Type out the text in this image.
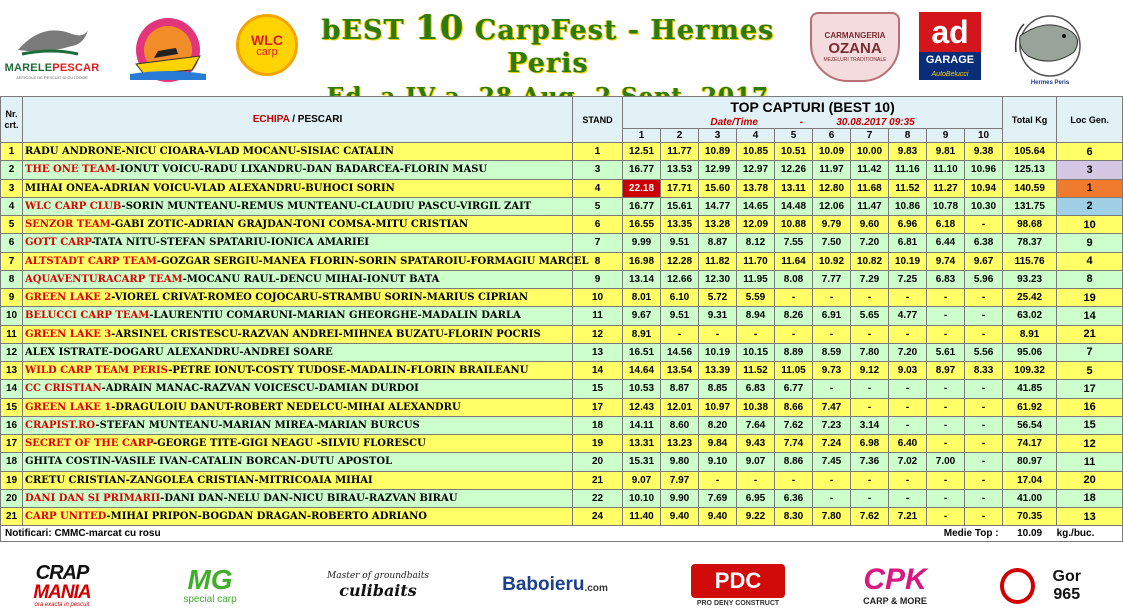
MARELEPESCAR
ARTICOLE DE PESCUIT SI OUTDOOR
WLC
carp
bEST 10 CarpFest - Hermes Peris
CARMANGERIA
OZANA
MEZELURI TRADITIONALE
ad
GARAGE
AutoBelucci
Hermes Peris
Nr. crt.	ECHIPA / PESCARI	STAND	TOP CAPTURI (BEST 10)										Total Kg	Loc Gen.
			Date/Time - 30.08.2017 09:35											
			1	2	3	4	5	6	7	8	9	10		
1	RADU ANDRONE-NICU CIOARA-VLAD MOCANU-SISIAC CATALIN	1	12.51	11.77	10.89	10.85	10.51	10.09	10.00	9.83	9.81	9.38	105.64	6
2	THE ONE TEAM-IONUT VOICU-RADU LIXANDRU-DAN BADARCEA-FLORIN MASU	3	16.77	13.53	12.99	12.97	12.26	11.97	11.42	11.16	11.10	10.96	125.13	3
3	MIHAI ONEA-ADRIAN VOICU-VLAD ALEXANDRU-BUHOCI SORIN	4	22.18	17.71	15.60	13.78	13.11	12.80	11.68	11.52	11.27	10.94	140.59	1
4	WLC CARP CLUB-SORIN MUNTEANU-REMUS MUNTEANU-CLAUDIU PASCU-VIRGIL ZAIT	5	16.77	15.61	14.77	14.65	14.48	12.06	11.47	10.86	10.78	10.30	131.75	2
5	SENZOR TEAM-GABI ZOTIC-ADRIAN GRAJDAN-TONI COMSA-MITU CRISTIAN	6	16.55	13.35	13.28	12.09	10.88	9.79	9.60	6.96	6.18	-	98.68	10
6	GOTT CARP-TATA NITU-STEFAN SPATARIU-IONICA AMARIEI	7	9.99	9.51	8.87	8.12	7.55	7.50	7.20	6.81	6.44	6.38	78.37	9
7	ALTSTADT CARP TEAM-GOZGAR SERGIU-MANEA FLORIN-SORIN SPATAROIU-FORMAGIU MARCEL	8	16.98	12.28	11.82	11.70	11.64	10.92	10.82	10.19	9.74	9.67	115.76	4
8	AQUAVENTURACARP TEAM-MOCANU RAUL-DENCU MIHAI-IONUT BATA	9	13.14	12.66	12.30	11.95	8.08	7.77	7.29	7.25	6.83	5.96	93.23	8
9	GREEN LAKE 2-VIOREL CRIVAT-ROMEO COJOCARU-STRAMBU SORIN-MARIUS CIPRIAN	10	8.01	6.10	5.72	5.59	-	-	-	-	-	-	25.42	19
10	BELUCCI CARP TEAM-LAURENTIU COMARUNI-MARIAN GHEORGHE-MADALIN DARLA	11	9.67	9.51	9.31	8.94	8.26	6.91	5.65	4.77	-	-	63.02	14
11	GREEN LAKE 3-ARSINEL CRISTESCU-RAZVAN ANDREI-MIHNEA BUZATU-FLORIN POCRIS	12	8.91	-	-	-	-	-	-	-	-	-	8.91	21
12	ALEX ISTRATE-DOGARU ALEXANDRU-ANDREI SOARE	13	16.51	14.56	10.19	10.15	8.89	8.59	7.80	7.20	5.61	5.56	95.06	7
13	WILD CARP TEAM PERIS-PETRE IONUT-COSTY TUDOSE-MADALIN-FLORIN BRAILEANU	14	14.64	13.54	13.39	11.52	11.05	9.73	9.12	9.03	8.97	8.33	109.32	5
14	CC CRISTIAN-ADRAIN MANAC-RAZVAN VOICESCU-DAMIAN DURDOI	15	10.53	8.87	8.85	6.83	6.77	-	-	-	-	-	41.85	17
15	GREEN LAKE 1-DRAGULOIU DANUT-ROBERT NEDELCU-MIHAI ALEXANDRU	17	12.43	12.01	10.97	10.38	8.66	7.47	-	-	-	-	61.92	16
16	CRAPIST.RO-STEFAN MUNTEANU-MARIAN MIREA-MARIAN BURCUS	18	14.11	8.60	8.20	7.64	7.62	7.23	3.14	-	-	-	56.54	15
17	SECRET OF THE CARP-GEORGE TITE-GIGI NEAGU -SILVIU FLORESCU	19	13.31	13.23	9.84	9.43	7.74	7.24	6.98	6.40	-	-	74.17	12
18	GHITA COSTIN-VASILE IVAN-CATALIN BORCAN-DUTU APOSTOL	20	15.31	9.80	9.10	9.07	8.86	7.45	7.36	7.02	7.00	-	80.97	11
19	CRETU CRISTIAN-ZANGOLEA CRISTIAN-MITRICOAIA MIHAI	21	9.07	7.97	-	-	-	-	-	-	-	-	17.04	20
20	DANI DAN SI PRIMARII-DANI DAN-NELU DAN-NICU BIRAU-RAZVAN BIRAU	22	10.10	9.90	7.69	6.95	6.36	-	-	-	-	-	41.00	18
21	CARP UNITED-MIHAI PRIPON-BOGDAN DRAGAN-ROBERTO ADRIANO	24	11.40	9.40	9.40	9.22	8.30	7.80	7.62	7.21	-	-	70.35	13
Notificari: CMMC-marcat cu rosu								Medie Top :					10.09	kg./buc.
CRAP
MANIA
ora exacta in pescuit
MG
special carp
Master of groundbaits
culibaits	Baboieru .com	PDC
PRO DENY CONSTRUCT
CPK
CARP & MORE
Gor 965
